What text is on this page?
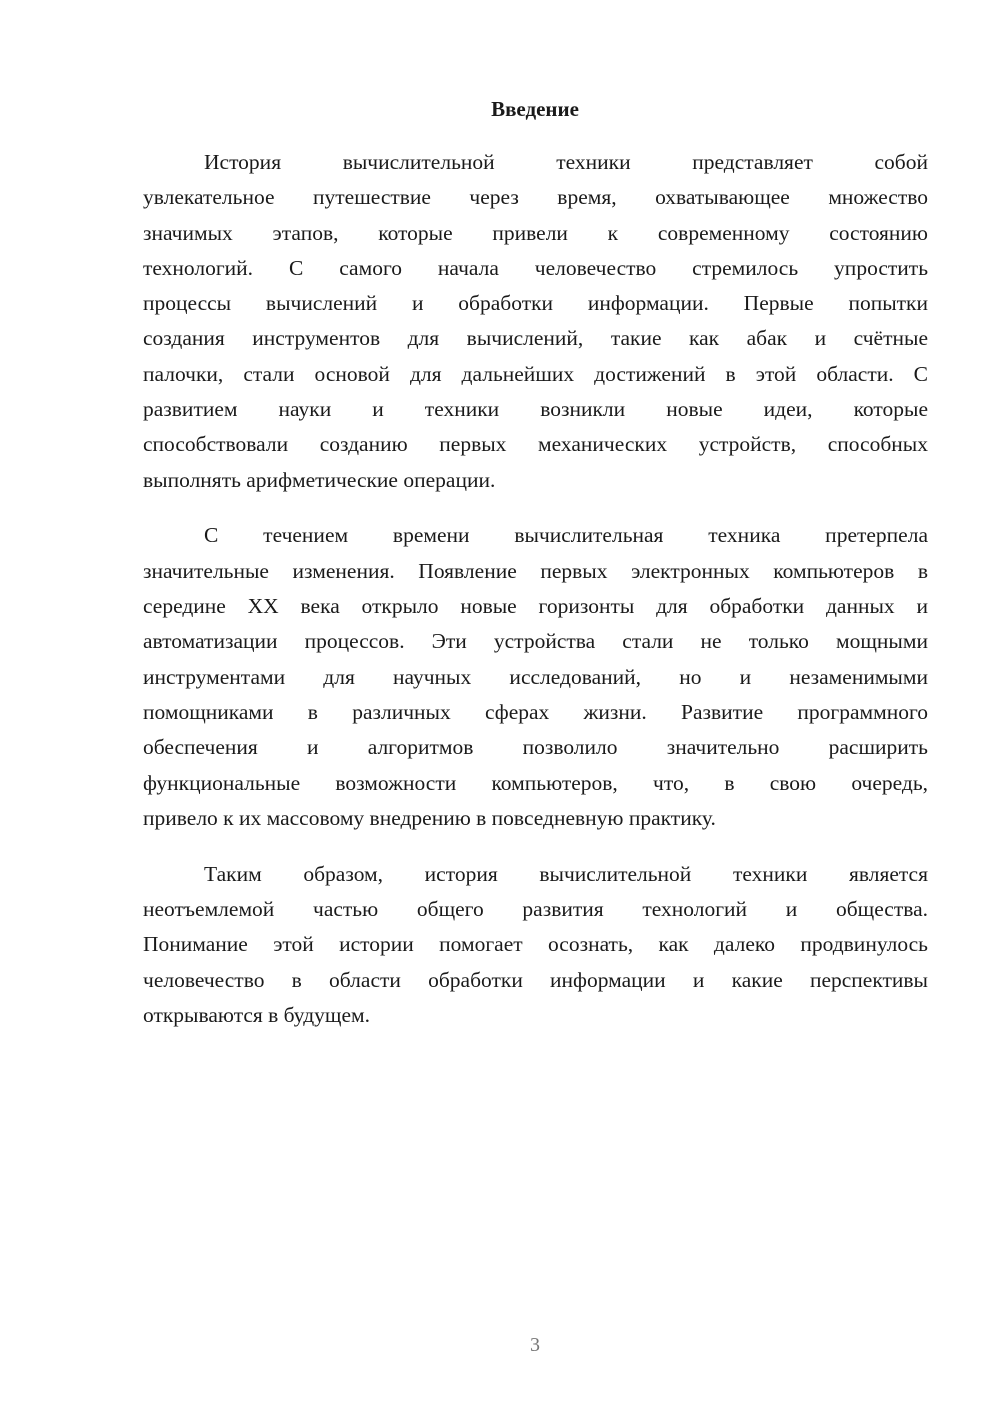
Введение
История вычислительной техники представляет собой
увлекательное путешествие через время, охватывающее множество
значимых этапов, которые привели к современному состоянию
технологий. С самого начала человечество стремилось упростить
процессы вычислений и обработки информации. Первые попытки
создания инструментов для вычислений, такие как абак и счётные
палочки, стали основой для дальнейших достижений в этой области. С
развитием науки и техники возникли новые идеи, которые
способствовали созданию первых механических устройств, способных
выполнять арифметические операции.
С течением времени вычислительная техника претерпела
значительные изменения. Появление первых электронных компьютеров в
середине XX века открыло новые горизонты для обработки данных и
автоматизации процессов. Эти устройства стали не только мощными
инструментами для научных исследований, но и незаменимыми
помощниками в различных сферах жизни. Развитие программного
обеспечения и алгоритмов позволило значительно расширить
функциональные возможности компьютеров, что, в свою очередь,
привело к их массовому внедрению в повседневную практику.
Таким образом, история вычислительной техники является
неотъемлемой частью общего развития технологий и общества.
Понимание этой истории помогает осознать, как далеко продвинулось
человечество в области обработки информации и какие перспективы
открываются в будущем.
3
